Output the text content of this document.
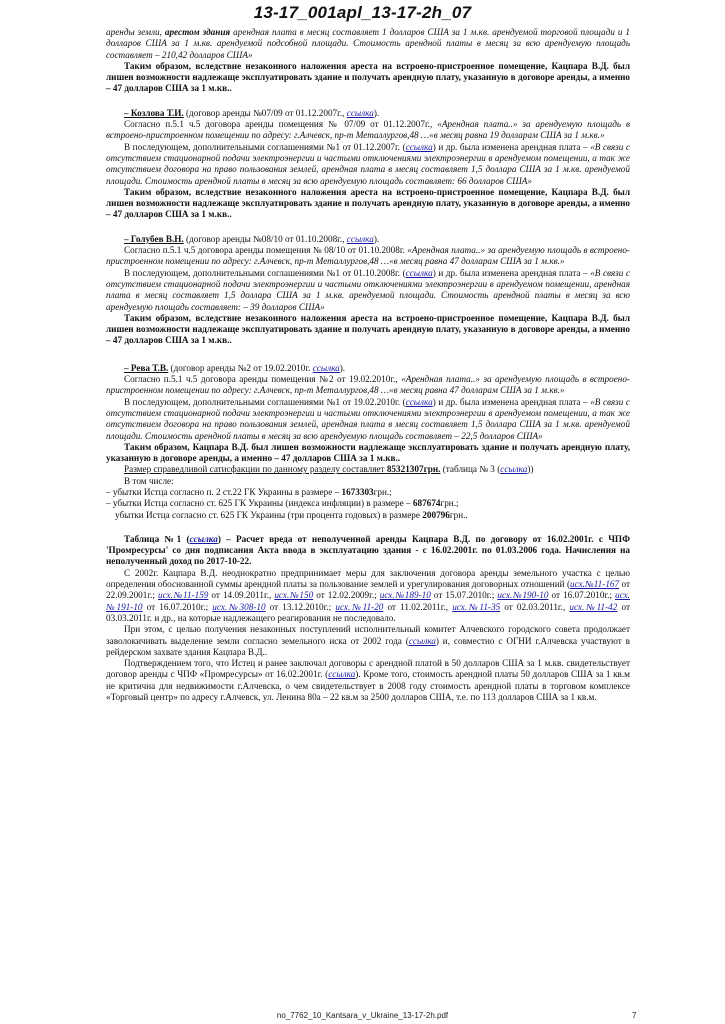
13-17_001apl_13-17-2h_07

аренды земли, арестом здания арендная плата в месяц составляет 1 долларов США за 1 м.кв. арендуемой торговой площади и 1 долларов США за 1 м.кв. арендуемой подсобной площади. Стоимость арендной платы в месяц за всю арендуемую площадь составляет – 210,42 долларов США»

Таким образом, вследствие незаконного наложения ареста на встроено-пристроенное помещение, Кацпара В.Д. был лишен возможности надлежаще эксплуатировать здание и получать арендную плату, указанную в договоре аренды, а именно – 47 долларов США за 1 м.кв..

– Козлова Т.И. (договор аренды №07/09 от 01.12.2007г., ссылка).

Согласно п.5.1 ч.5 договора аренды помещения № 07/09 от 01.12.2007г., «Арендная плата..» за арендуемую площадь в встроено-пристроенном помещении по адресу: г.Алчевск, пр-т Металлургов,48 …«в месяц равна 19 долларам США за 1 м.кв.»

В последующем, дополнительными соглашениями №1 от 01.12.2007г. (ссылка) и др. была изменена арендная плата – «В связи с отсутствием стационарной подачи электроэнергии и частыми отключениями электроэнергии в арендуемом помещении, а так же отсутствием договора на право пользования землей, арендная плата в месяц составляет 1,5 доллара США за 1 м.кв. арендуемой площади. Стоимость арендной платы в месяц за всю арендуемую площадь составляет: 66 долларов США»

Таким образом, вследствие незаконного наложения ареста на встроено-пристроенное помещение, Кацпара В.Д. был лишен возможности надлежаще эксплуатировать здание и получать арендную плату, указанную в договоре аренды, а именно – 47 долларов США за 1 м.кв..

– Голубев В.Н. (договор аренды №08/10 от 01.10.2008г., ссылка).

Согласно п.5.1 ч.5 договора аренды помещения № 08/10 от 01.10.2008г. «Арендная плата..» за арендуемую площадь в встроено-пристроенном помещении по адресу: г.Алчевск, пр-т Металлургов,48 …«в месяц равна 47 долларам США за 1 м.кв.»

В последующем, дополнительными соглашениями №1 от 01.10.2008г. (ссылка) и др. была изменена арендная плата – «В связи с отсутствием стационарной подачи электроэнергии и частыми отключениями электроэнергии в арендуемом помещении, арендная плата в месяц составляет 1,5 доллара США за 1 м.кв. арендуемой площади. Стоимость арендной платы в месяц за всю арендуемую площадь составляет: – 39 долларов США»

Таким образом, вследствие незаконного наложения ареста на встроено-пристроенное помещение, Кацпара В.Д. был лишен возможности надлежаще эксплуатировать здание и получать арендную плату, указанную в договоре аренды, а именно – 47 долларов США за 1 м.кв..

– Рева Т.В. (договор аренды №2 от 19.02.2010г. ссылка).

Согласно п.5.1 ч.5 договора аренды помещения №2 от 19.02.2010г., «Арендная плата..» за арендуемую площадь в встроено-пристроенном помещении по адресу: г.Алчевск, пр-т Металлургов,48 …«в месяц равна 47 долларам США за 1 м.кв.»

В последующем, дополнительными соглашениями №1 от 19.02.2010г. (ссылка) и др. была изменена арендная плата – «В связи с отсутствием стационарной подачи электроэнергии и частыми отключениями электроэнергии в арендуемом помещении, а так же отсутствием договора на право пользования землей, арендная плата в месяц составляет 1,5 доллара США за 1 м.кв. арендуемой площади. Стоимость арендной платы в месяц за всю арендуемую площадь составляет – 22,5 долларов США»

Таким образом, Кацпара В.Д. был лишен возможности надлежаще эксплуатировать здание и получать арендную плату, указанную в договоре аренды, а именно – 47 долларов США за 1 м.кв..

Размер справедливой сатисфакции по данному разделу составляет 85321307грн. (таблица № 3 (ссылка))

В том числе:

– убытки Истца согласно п. 2 ст.22 ГК Украины в размере – 1673303грн.;

– убытки Истца согласно ст. 625 ГК Украины (индекса инфляции) в размере – 687674грн.;

убытки Истца согласно ст. 625 ГК Украины (три процента годовых) в размере 200796грн..

Таблица №1 (ссылка) – Расчет вреда от неполученной аренды Кацпара В.Д. по договору от 16.02.2001г. с ЧПФ 'Промресурсы' со дня подписания Акта ввода в эксплуатацию здания - с 16.02.2001г. по 01.03.2006 года. Начисления на неполученный доход по 2017-10-22.

С 2002г. Кацпара В.Д. неоднократно предпринимает меры для заключения договора аренды земельного участка с целью определения обоснованной суммы арендной платы за пользование землей и урегулирования договорных отношений (исх.№11-167 от 22.09.2001г.; исх.№11-159 от 14.09.2011г., исх.№150 от 12.02.2009г.; исх.№189-10 от 15.07.2010г.; исх.№190-10 от 16.07.2010г.; исх.№191-10 от 16.07.2010г.; исх.№308-10 от 13.12.2010г.; исх.№11-20 от 11.02.2011г., исх.№11-35 от 02.03.2011г., исх.№11-42 от 03.03.2011г. и др., на которые надлежащего реагирования не последовало.

При этом, с целью получения незаконных поступлений исполнительный комитет Алчевского городского совета продолжает заволокичивать выделение земли согласно земельного иска от 2002 года (ссылка) и, совместно с ОГНИ г.Алчевска участвуют в рейдерском захвате здания Кацпара В.Д..

Подтверждением того, что Истец и ранее заключал договоры с арендной платой в 50 долларов США за 1 м.кв. свидетельствует договор аренды с ЧПФ «Промресурсы» от 16.02.2001г. (ссылка). Кроме того, стоимость арендной платы 50 долларов США за 1 кв.м не критична для недвижимости г.Алчевска, о чем свидетельствует в 2008 году стоимость арендной платы в торговом комплексе «Торговый центр» по адресу г.Алчевск, ул. Ленина 80а – 22 кв.м за 2500 долларов США, т.е. по 113 долларов США за 1 кв.м.

no_7762_10_Kantsara_v_Ukraine_13-17-2h.pdf	7
